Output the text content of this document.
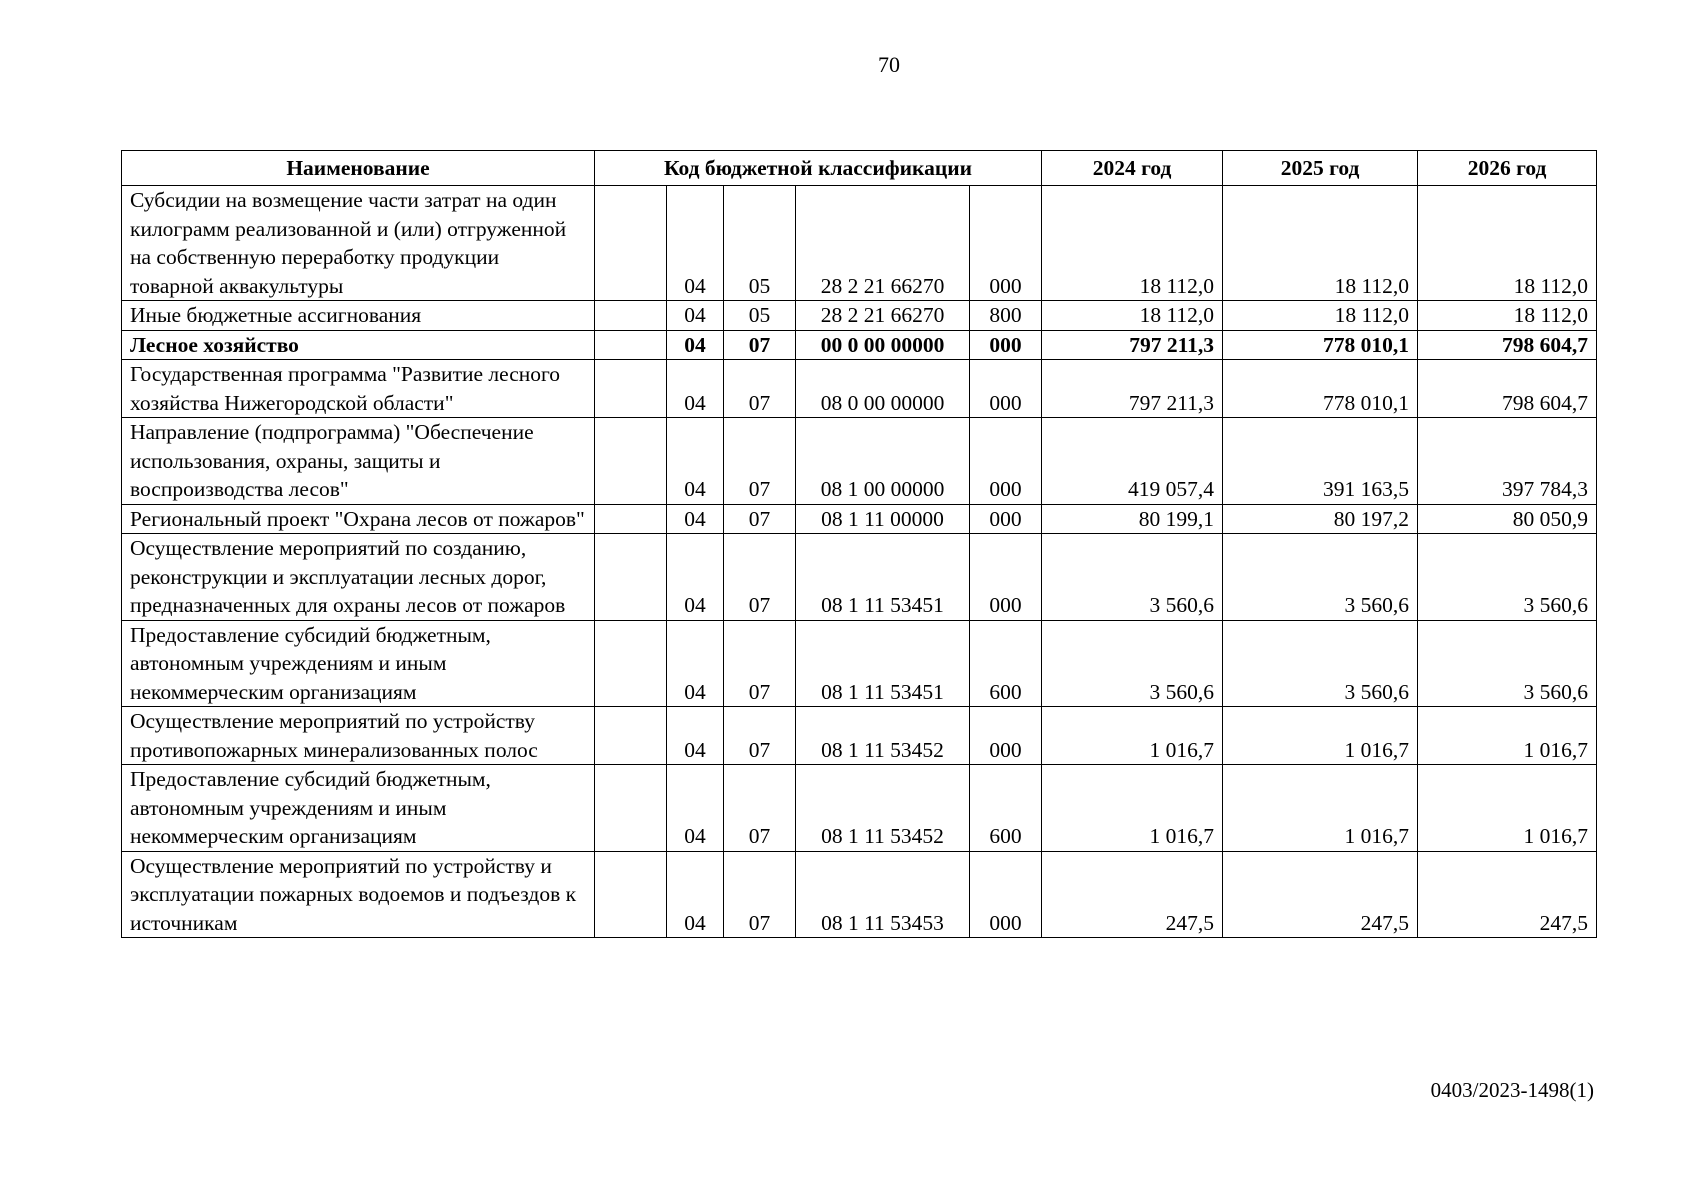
70
Наименование	Код бюджетной классификации					2024 год	2025 год	2026 год
Субсидии на возмещение части затрат на один килограмм реализованной и (или) отгруженной на собственную переработку продукции товарной аквакультуры		04	05	28 2 21 66270	000	18 112,0	18 112,0	18 112,0
Иные бюджетные ассигнования		04	05	28 2 21 66270	800	18 112,0	18 112,0	18 112,0
Лесное хозяйство		04	07	00 0 00 00000	000	797 211,3	778 010,1	798 604,7
Государственная программа "Развитие лесного хозяйства Нижегородской области"		04	07	08 0 00 00000	000	797 211,3	778 010,1	798 604,7
Направление (подпрограмма) "Обеспечение использования, охраны, защиты и воспроизводства лесов"		04	07	08 1 00 00000	000	419 057,4	391 163,5	397 784,3
Региональный проект "Охрана лесов от пожаров"		04	07	08 1 11 00000	000	80 199,1	80 197,2	80 050,9
Осуществление мероприятий по созданию, реконструкции и эксплуатации лесных дорог, предназначенных для охраны лесов от пожаров		04	07	08 1 11 53451	000	3 560,6	3 560,6	3 560,6
Предоставление субсидий бюджетным, автономным учреждениям и иным некоммерческим организациям		04	07	08 1 11 53451	600	3 560,6	3 560,6	3 560,6
Осуществление мероприятий по устройству противопожарных минерализованных полос		04	07	08 1 11 53452	000	1 016,7	1 016,7	1 016,7
Предоставление субсидий бюджетным, автономным учреждениям и иным некоммерческим организациям		04	07	08 1 11 53452	600	1 016,7	1 016,7	1 016,7
Осуществление мероприятий по устройству и эксплуатации пожарных водоемов и подъездов к источникам		04	07	08 1 11 53453	000	247,5	247,5	247,5
0403/2023-1498(1)
